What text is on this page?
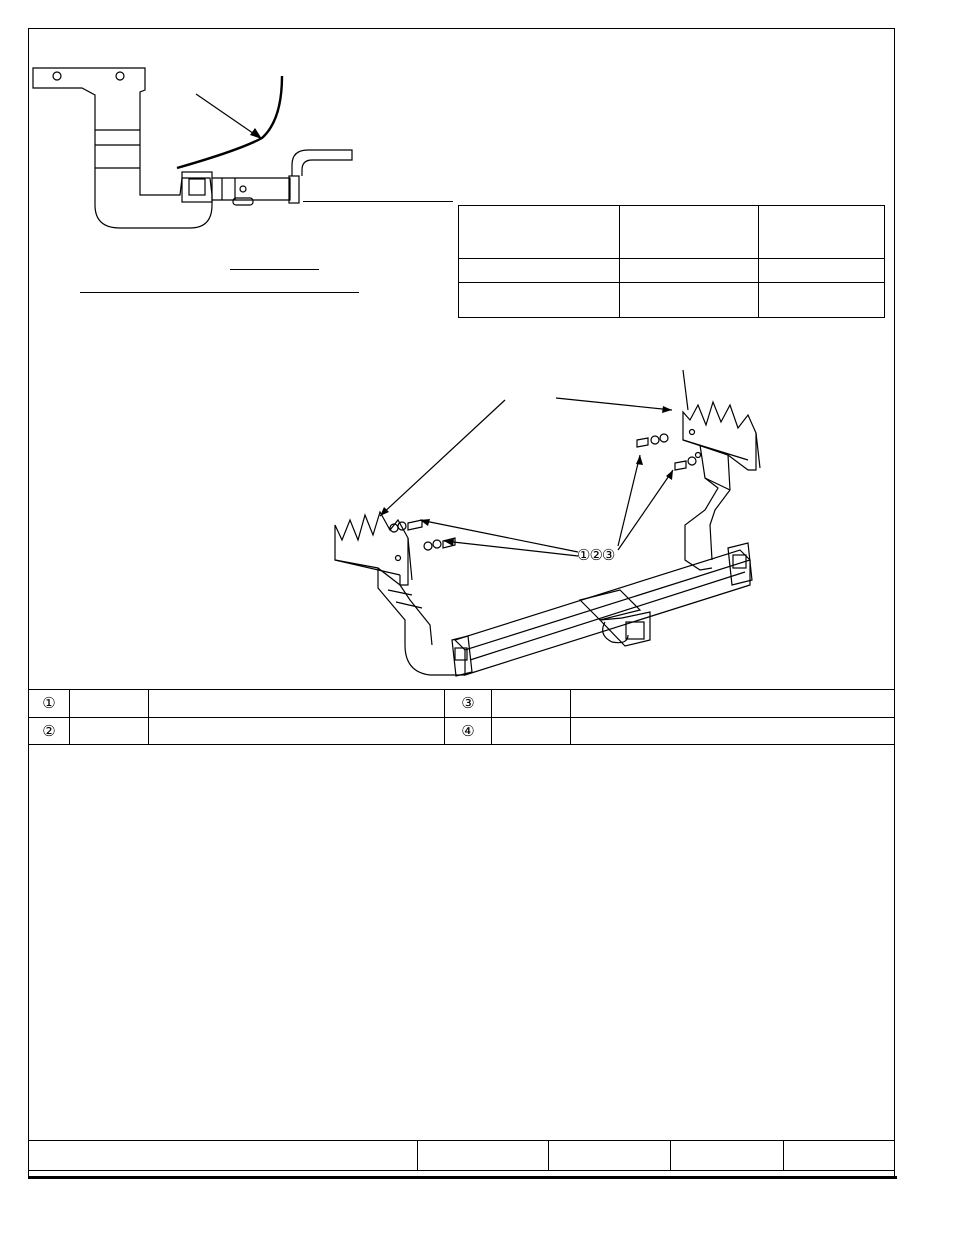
①②③
①			③		
②			④		
